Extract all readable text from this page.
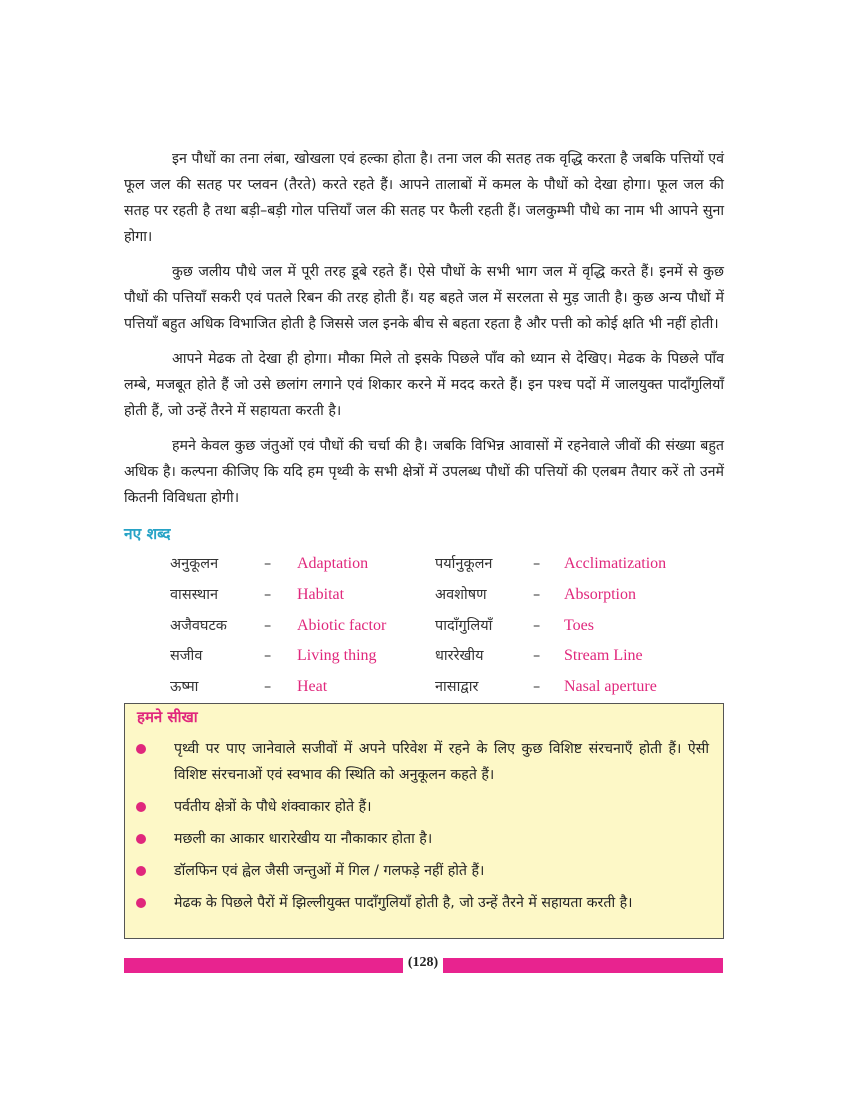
इन पौधों का तना लंबा, खोखला एवं हल्का होता है। तना जल की सतह तक वृद्धि करता है जबकि पत्तियों एवं फूल जल की सतह पर प्लवन (तैरते) करते रहते हैं। आपने तालाबों में कमल के पौधों को देखा होगा। फूल जल की सतह पर रहती है तथा बड़ी–बड़ी गोल पत्तियाँ जल की सतह पर फैली रहती हैं। जलकुम्भी पौधे का नाम भी आपने सुना होगा।

कुछ जलीय पौधे जल में पूरी तरह डूबे रहते हैं। ऐसे पौधों के सभी भाग जल में वृद्धि करते हैं। इनमें से कुछ पौधों की पत्तियाँ सकरी एवं पतले रिबन की तरह होती हैं। यह बहते जल में सरलता से मुड़ जाती है। कुछ अन्य पौधों में पत्तियाँ बहुत अधिक विभाजित होती है जिससे जल इनके बीच से बहता रहता है और पत्ती को कोई क्षति भी नहीं होती।

आपने मेढक तो देखा ही होगा। मौका मिले तो इसके पिछले पाँव को ध्यान से देखिए। मेढक के पिछले पाँव लम्बे, मजबूत होते हैं जो उसे छलांग लगाने एवं शिकार करने में मदद करते हैं। इन पश्च पदों में जालयुक्त पादाँगुलियाँ होती हैं, जो उन्हें तैरने में सहायता करती है।

हमने केवल कुछ जंतुओं एवं पौधों की चर्चा की है। जबकि विभिन्न आवासों में रहनेवाले जीवों की संख्या बहुत अधिक है। कल्पना कीजिए कि यदि हम पृथ्वी के सभी क्षेत्रों में उपलब्ध पौधों की पत्तियों की एलबम तैयार करें तो उनमें कितनी विविधता होगी।

नए शब्द
अनुकूलन	– Adaptation	पर्यानुकूलन	– Acclimatization
वासस्थान	– Habitat	अवशोषण	– Absorption
अजैवघटक	– Abiotic factor	पादाँगुलियाँ	– Toes
सजीव	– Living thing	धाररेखीय	– Stream Line
ऊष्मा	– Heat	नासाद्वार	– Nasal aperture
हमने सीखा
पृथ्वी पर पाए जानेवाले सजीवों में अपने परिवेश में रहने के लिए कुछ विशिष्ट संरचनाएँ होती हैं। ऐसी विशिष्ट संरचनाओं एवं स्वभाव की स्थिति को अनुकूलन कहते हैं।
पर्वतीय क्षेत्रों के पौधे शंक्वाकार होते हैं।
मछली का आकार धारारेखीय या नौकाकार होता है।
डॉलफिन एवं ह्वेल जैसी जन्तुओं में गिल / गलफड़े नहीं होते हैं।
मेढक के पिछले पैरों में झिल्लीयुक्त पादाँगुलियाँ होती है, जो उन्हें तैरने में सहायता करती है।
(128)
